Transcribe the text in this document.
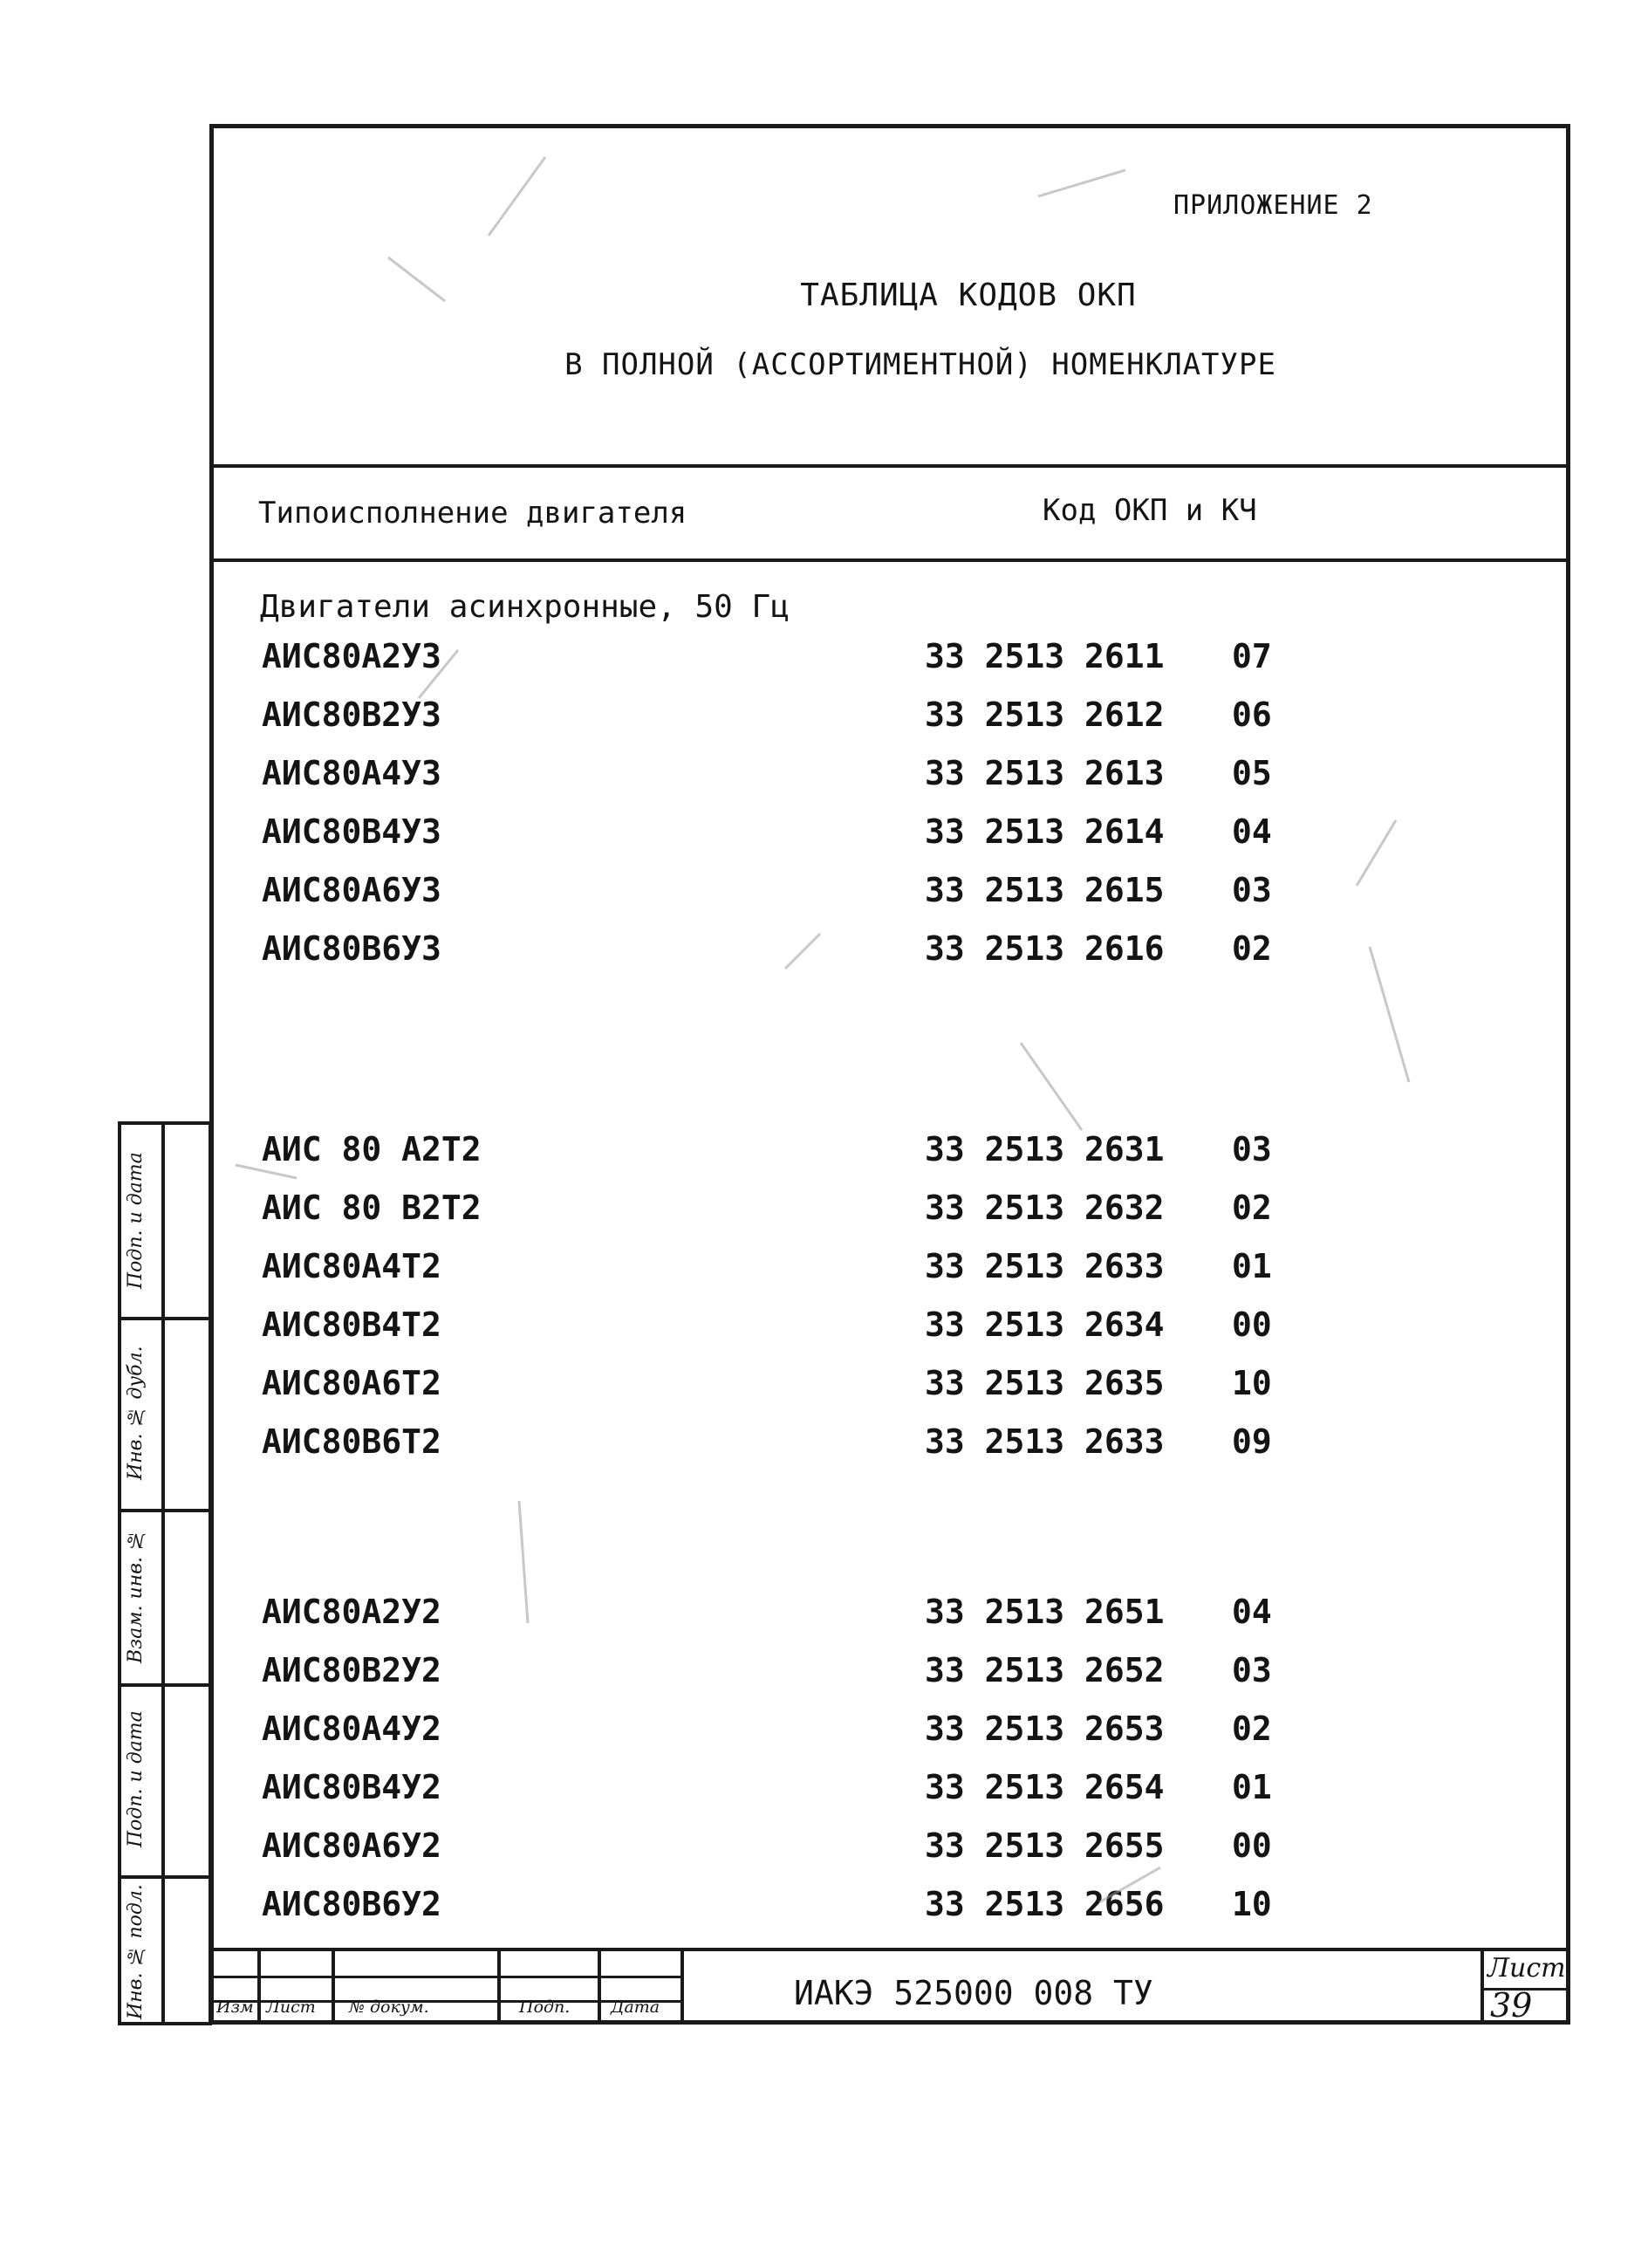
ПРИЛОЖЕНИЕ 2
ТАБЛИЦА КОДОВ ОКП
В ПОЛНОЙ (АССОРТИМЕНТНОЙ) НОМЕНКЛАТУРЕ
Типоисполнение двигателя	Код ОКП и КЧ
Двигатели асинхронные, 50 Гц
АИС80А2У3	33 2513 2611 07
АИС80В2У3	33 2513 2612 06
АИС80А4У3	33 2513 2613 05
АИС80В4У3	33 2513 2614 04
АИС80А6У3	33 2513 2615 03
АИС80В6У3	33 2513 2616 02
АИС 80 А2Т2	33 2513 2631 03
АИС 80 В2Т2	33 2513 2632 02
АИС80А4Т2	33 2513 2633 01
АИС80В4Т2	33 2513 2634 00
АИС80А6Т2	33 2513 2635 10
АИС80В6Т2	33 2513 2633 09
АИС80А2У2	33 2513 2651 04
АИС80В2У2	33 2513 2652 03
АИС80А4У2	33 2513 2653 02
АИС80В4У2	33 2513 2654 01
АИС80А6У2	33 2513 2655 00
АИС80В6У2	33 2513 2656 10
Подп. и дата
Инв. № дубл.
Взам. инв. №
Подп. и дата
Инв. № подл.	Изм Лист № докум.	Подп. Дата	ИАКЭ 525000 008 ТУ
Лист
39
